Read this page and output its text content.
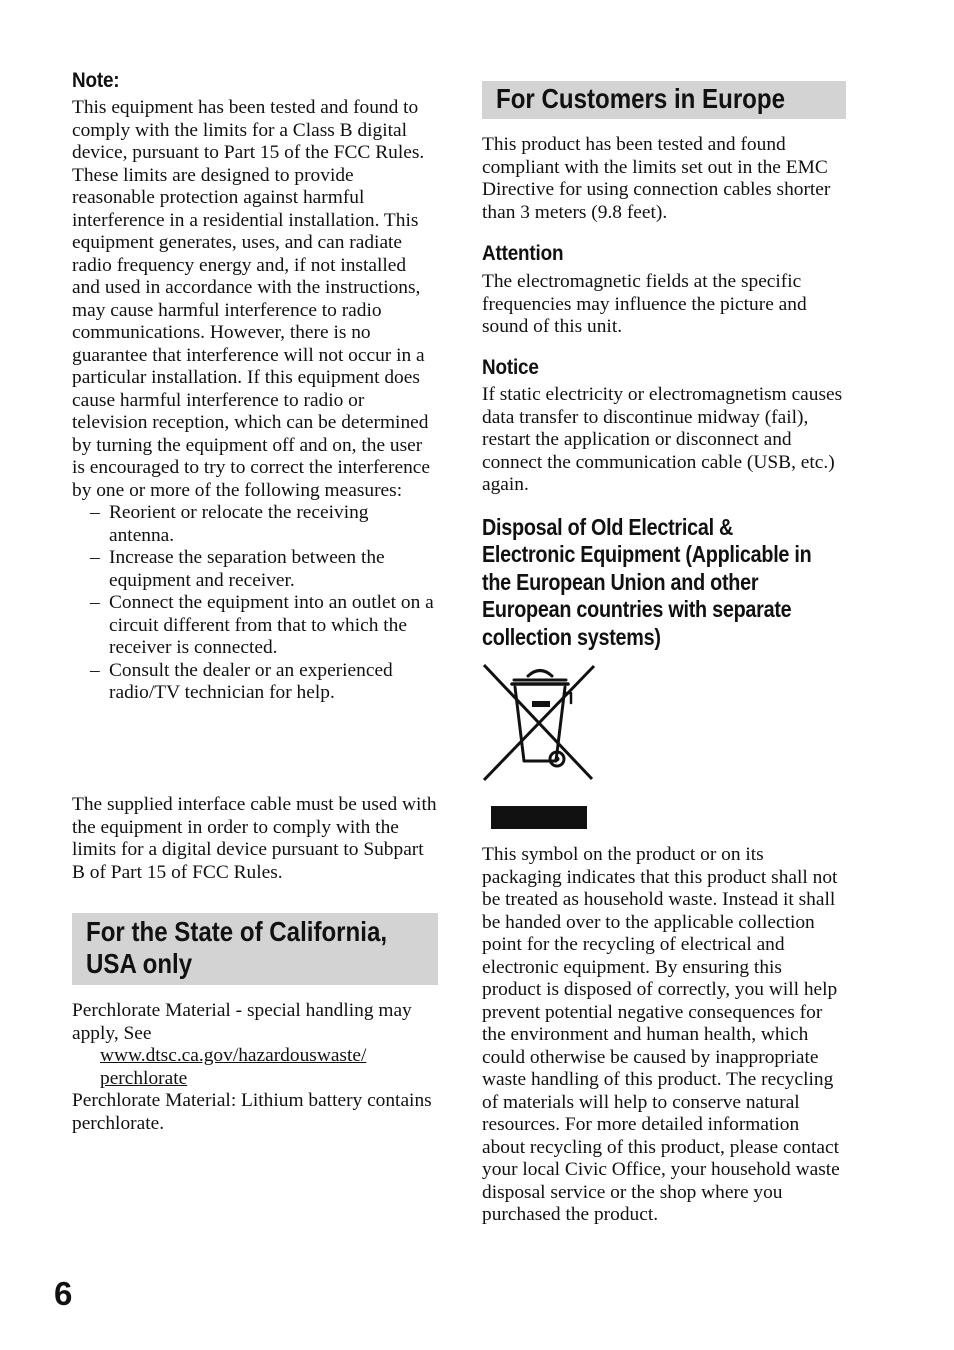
Note:

This equipment has been tested and found to comply with the limits for a Class B digital device, pursuant to Part 15 of the FCC Rules.

These limits are designed to provide reasonable protection against harmful interference in a residential installation. This equipment generates, uses, and can radiate radio frequency energy and, if not installed and used in accordance with the instructions, may cause harmful interference to radio communications. However, there is no guarantee that interference will not occur in a particular installation. If this equipment does cause harmful interference to radio or television reception, which can be determined by turning the equipment off and on, the user is encouraged to try to correct the interference by one or more of the following measures:

– Reorient or relocate the receiving antenna.
– Increase the separation between the equipment and receiver.
– Connect the equipment into an outlet on a circuit different from that to which the receiver is connected.
– Consult the dealer or an experienced radio/TV technician for help.

The supplied interface cable must be used with the equipment in order to comply with the limits for a digital device pursuant to Subpart B of Part 15 of FCC Rules.

For the State of California,
USA only

Perchlorate Material - special handling may apply, See

www.dtsc.ca.gov/hazardouswaste/
perchlorate

Perchlorate Material: Lithium battery contains perchlorate.

For Customers in Europe

This product has been tested and found compliant with the limits set out in the EMC Directive for using connection cables shorter than 3 meters (9.8 feet).

Attention

The electromagnetic fields at the specific frequencies may influence the picture and sound of this unit.

Notice

If static electricity or electromagnetism causes data transfer to discontinue midway (fail), restart the application or disconnect and connect the communication cable (USB, etc.) again.

Disposal of Old Electrical &
Electronic Equipment (Applicable in
the European Union and other
European countries with separate
collection systems)

This symbol on the product or on its packaging indicates that this product shall not be treated as household waste. Instead it shall be handed over to the applicable collection point for the recycling of electrical and electronic equipment. By ensuring this product is disposed of correctly, you will help prevent potential negative consequences for the environment and human health, which could otherwise be caused by inappropriate waste handling of this product. The recycling of materials will help to conserve natural resources. For more detailed information about recycling of this product, please contact your local Civic Office, your household waste disposal service or the shop where you purchased the product.

6
